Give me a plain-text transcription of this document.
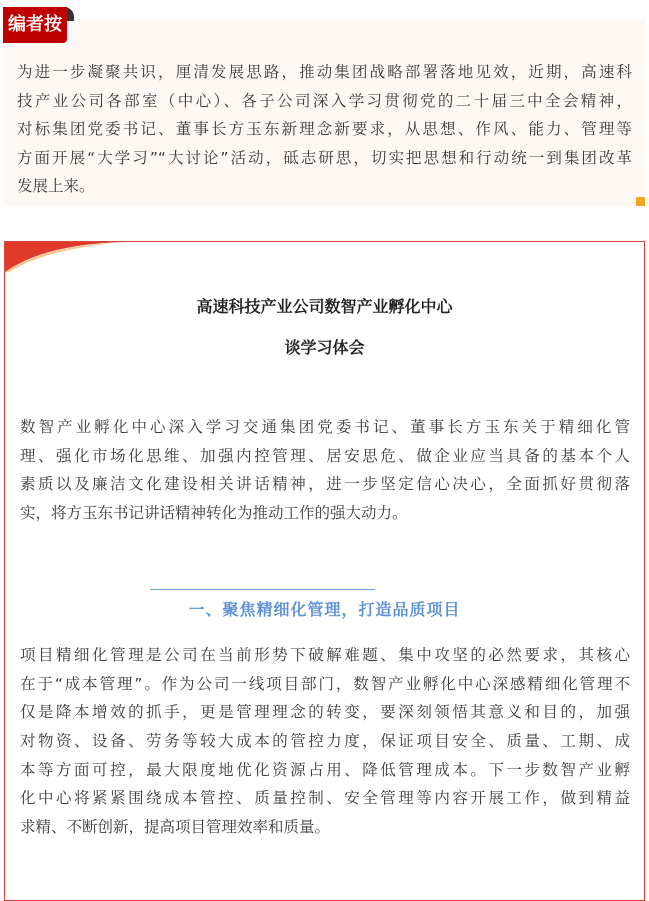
编者按
为进一步凝聚共识，厘清发展思路，推动集团战略部署落地见效，近期，高速科
技产业公司各部室（中心）、各子公司深入学习贯彻党的二十届三中全会精神，
对标集团党委书记、董事长方玉东新理念新要求，从思想、作风、能力、管理等
方面开展“大学习”“大讨论”活动，砥志研思，切实把思想和行动统一到集团改革
发展上来。
高速科技产业公司数智产业孵化中心
谈学习体会
数智产业孵化中心深入学习交通集团党委书记、董事长方玉东关于精细化管
理、强化市场化思维、加强内控管理、居安思危、做企业应当具备的基本个人
素质以及廉洁文化建设相关讲话精神，进一步坚定信心决心，全面抓好贯彻落
实，将方玉东书记讲话精神转化为推动工作的强大动力。
一、聚焦精细化管理，打造品质项目
项目精细化管理是公司在当前形势下破解难题、集中攻坚的必然要求，其核心
在于“成本管理”。作为公司一线项目部门，数智产业孵化中心深感精细化管理不
仅是降本增效的抓手，更是管理理念的转变，要深刻领悟其意义和目的，加强
对物资、设备、劳务等较大成本的管控力度，保证项目安全、质量、工期、成
本等方面可控，最大限度地优化资源占用、降低管理成本。下一步数智产业孵
化中心将紧紧围绕成本管控、质量控制、安全管理等内容开展工作，做到精益
求精、不断创新，提高项目管理效率和质量。
